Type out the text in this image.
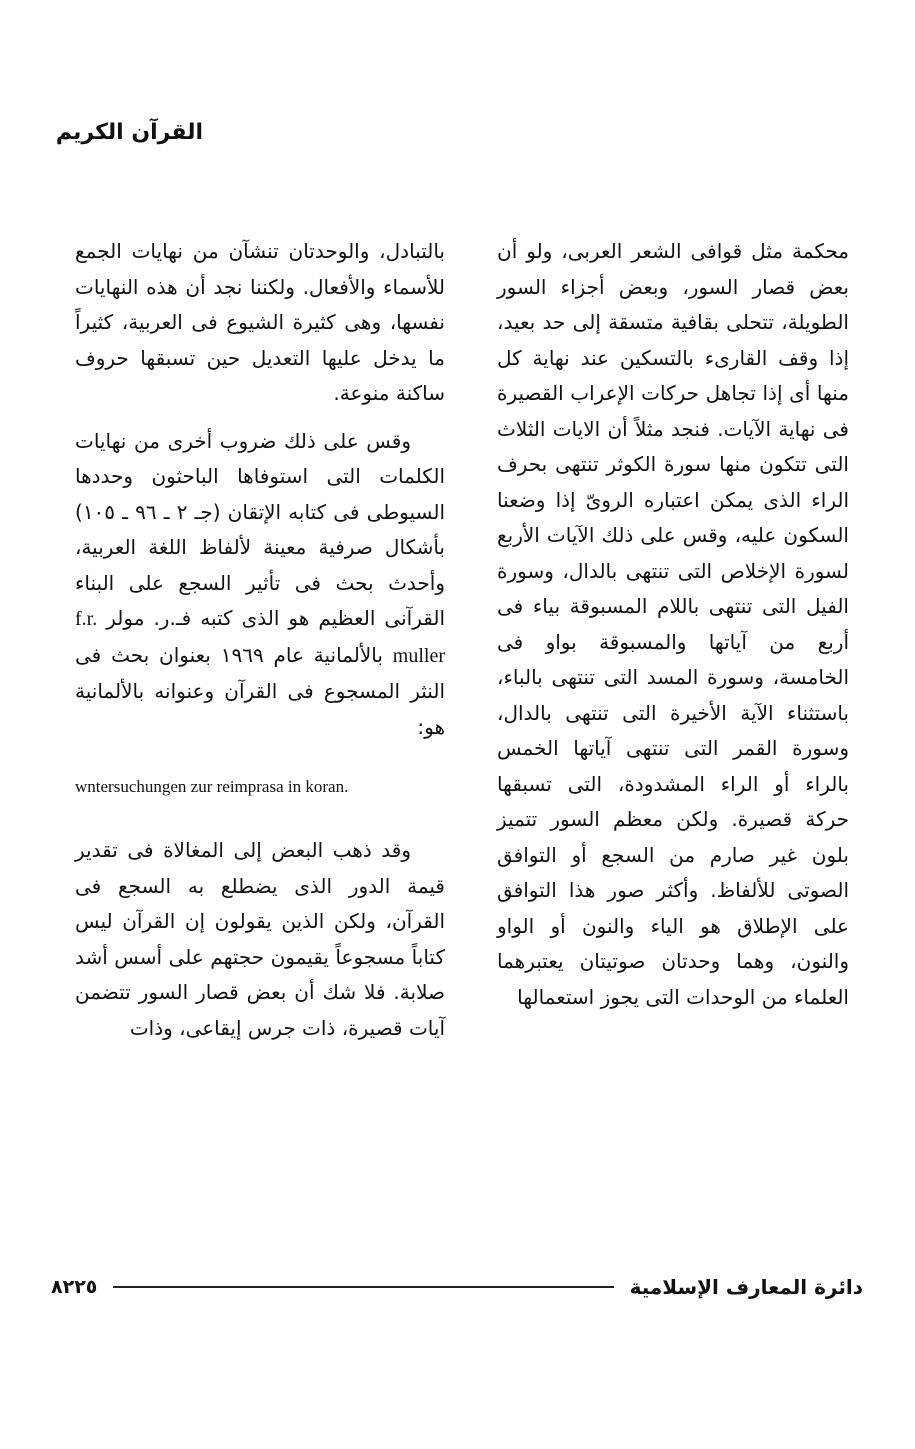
القرآن الكريم

محكمة مثل قوافى الشعر العربى، ولو أن بعض قصار السور، وبعض أجزاء السور الطويلة، تتحلى بقافية متسقة إلى حد بعيد، إذا وقف القارىء بالتسكين عند نهاية كل منها أى إذا تجاهل حركات الإعراب القصيرة فى نهاية الآيات. فنجد مثلاً أن الايات الثلاث التى تتكون منها سورة الكوثر تنتهى بحرف الراء الذى يمكن اعتباره الروىّ إذا وضعنا السكون عليه، وقس على ذلك الآيات الأربع لسورة الإخلاص التى تنتهى بالدال، وسورة الفيل التى تنتهى باللام المسبوقة بياء فى أربع من آياتها والمسبوقة بواو فى الخامسة، وسورة المسد التى تنتهى بالباء، باستثناء الآية الأخيرة التى تنتهى بالدال، وسورة القمر التى تنتهى آياتها الخمس بالراء أو الراء المشدودة، التى تسبقها حركة قصيرة. ولكن معظم السور تتميز بلون غير صارم من السجع أو التوافق الصوتى للألفاظ. وأكثر صور هذا التوافق على الإطلاق هو الياء والنون أو الواو والنون، وهما وحدتان صوتيتان يعتبرهما العلماء من الوحدات التى يجوز استعمالها

بالتبادل، والوحدتان تنشآن من نهايات الجمع للأسماء والأفعال. ولكننا نجد أن هذه النهايات نفسها، وهى كثيرة الشيوع فى العربية، كثيراً ما يدخل عليها التعديل حين تسبقها حروف ساكنة منوعة.

وقس على ذلك ضروب أخرى من نهايات الكلمات التى استوفاها الباحثون وحددها السيوطى فى كتابه الإتقان (جـ ٢ ـ ٩٦ ـ ١٠٥) بأشكال صرفية معينة لألفاظ اللغة العربية، وأحدث بحث فى تأثير السجع على البناء القرآنى العظيم هو الذى كتبه فـ.ر. مولر f.r. muller بالألمانية عام ١٩٦٩ بعنوان بحث فى النثر المسجوع فى القرآن وعنوانه بالألمانية هو:

wntersuchungen zur reimprasa in koran.

وقد ذهب البعض إلى المغالاة فى تقدير قيمة الدور الذى يضطلع به السجع فى القرآن، ولكن الذين يقولون إن القرآن ليس كتاباً مسجوعاً يقيمون حجتهم على أسس أشد صلابة. فلا شك أن بعض قصار السور تتضمن آيات قصيرة، ذات جرس إيقاعى، وذات

دائرة المعارف الإسلامية
٨٢٢٥
